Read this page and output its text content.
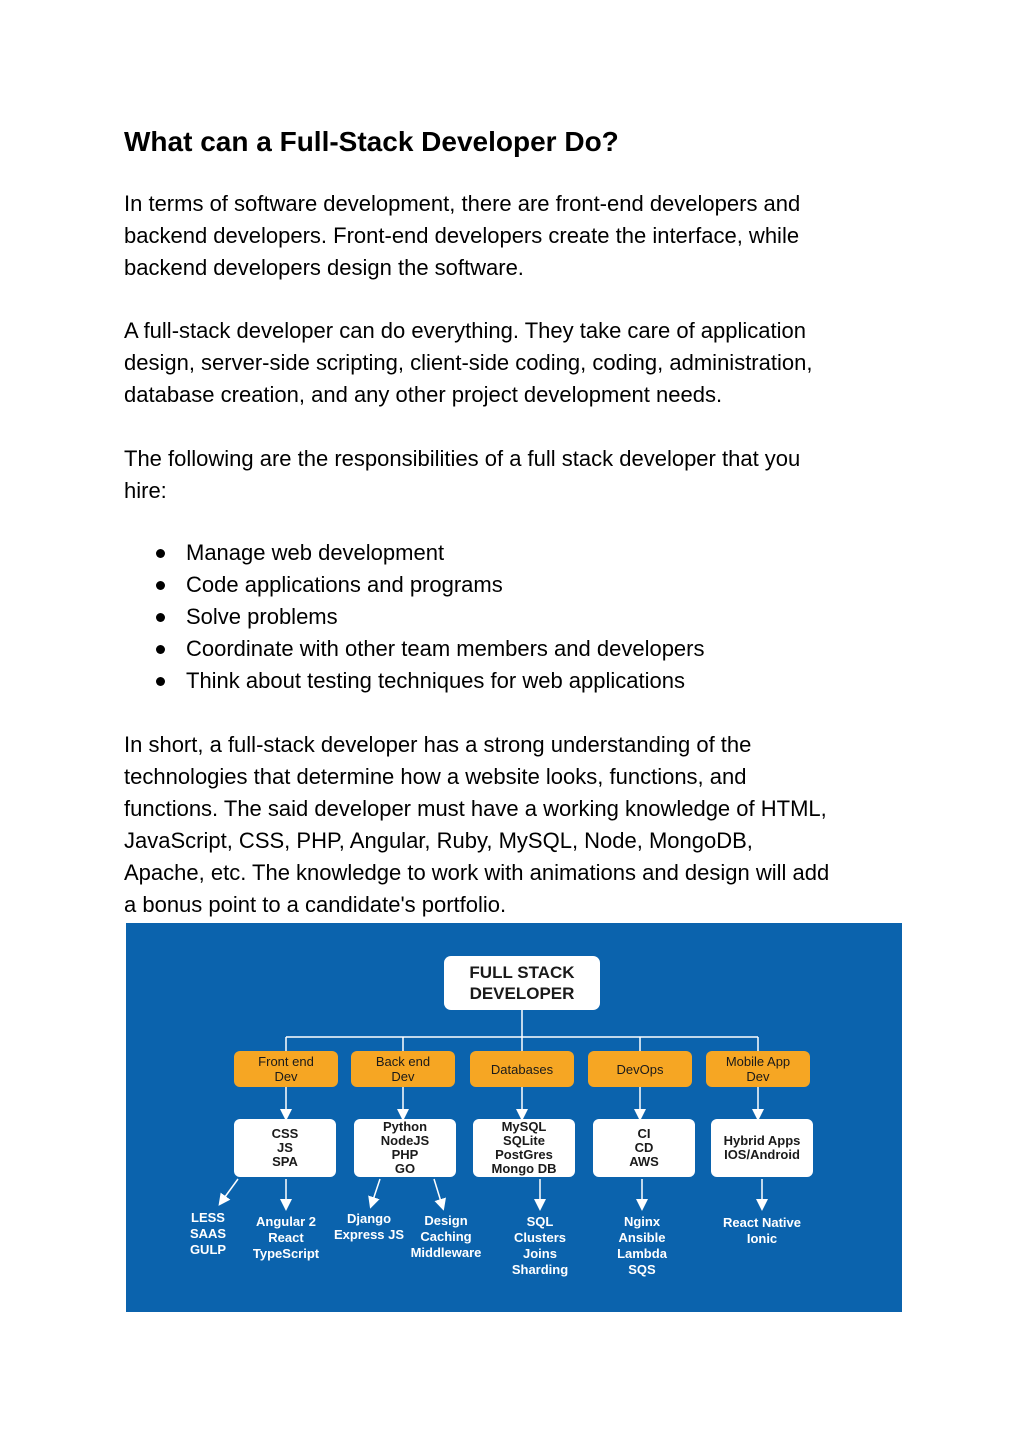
What can a Full-Stack Developer Do?

In terms of software development, there are front-end developers and
backend developers. Front-end developers create the interface, while
backend developers design the software.

A full-stack developer can do everything. They take care of application
design, server-side scripting, client-side coding, coding, administration,
database creation, and any other project development needs.

The following are the responsibilities of a full stack developer that you
hire:

Manage web development
Code applications and programs
Solve problems
Coordinate with other team members and developers
Think about testing techniques for web applications

In short, a full-stack developer has a strong understanding of the
technologies that determine how a website looks, functions, and
functions. The said developer must have a working knowledge of HTML,
JavaScript, CSS, PHP, Angular, Ruby, MySQL, Node, MongoDB,
Apache, etc. The knowledge to work with animations and design will add
a bonus point to a candidate's portfolio.

FULL STACK
DEVELOPER
Front end
Dev
Back end
Dev	Databases	DevOps	Mobile App
Dev
CSS
JS
SPA
Python
NodeJS
PHP
GO
MySQL
SQLite
PostGres
Mongo DB
CI
CD
AWS
Hybrid Apps
IOS/Android
LESS
SAAS
GULP
Angular 2
React
TypeScript
Django
Express JS
Design
Caching
Middleware
SQL
Clusters
Joins
Sharding
Nginx
Ansible
Lambda
SQS
React Native
Ionic
